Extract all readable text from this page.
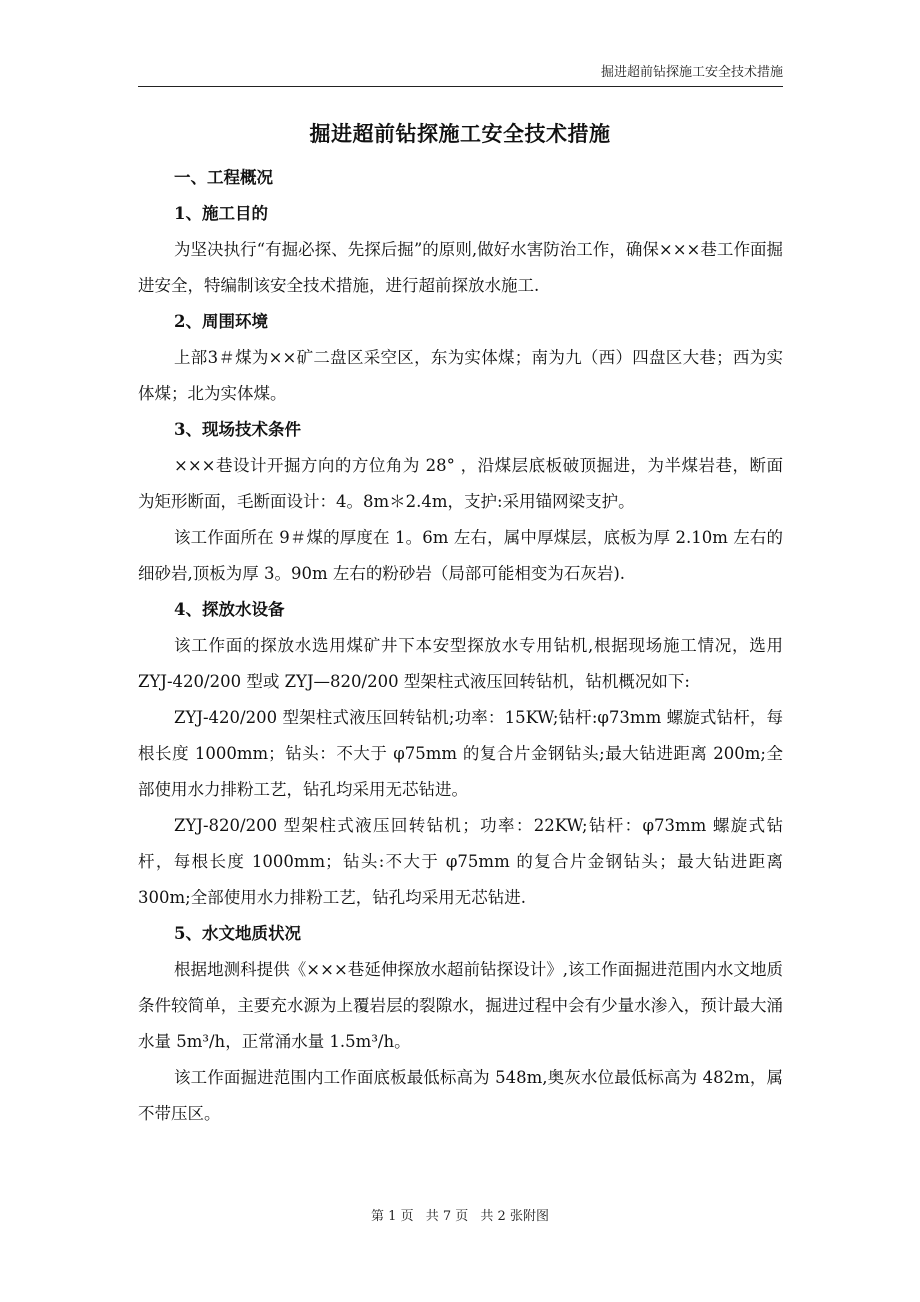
掘进超前钻探施工安全技术措施
掘进超前钻探施工安全技术措施

一、工程概况

1、施工目的

为坚决执行“有掘必探、先探后掘”的原则,做好水害防治工作，确保×××巷工作面掘进安全，特编制该安全技术措施，进行超前探放水施工.

2、周围环境

上部3＃煤为××矿二盘区采空区，东为实体煤；南为九（西）四盘区大巷；西为实体煤；北为实体煤。

3、现场技术条件

×××巷设计开掘方向的方位角为 28° ，沿煤层底板破顶掘进，为半煤岩巷，断面为矩形断面，毛断面设计：4。8m＊2.4m，支护:采用锚网梁支护。

该工作面所在 9＃煤的厚度在 1。6m 左右，属中厚煤层，底板为厚 2.10m 左右的细砂岩,顶板为厚 3。90m 左右的粉砂岩（局部可能相变为石灰岩).

4、探放水设备

该工作面的探放水选用煤矿井下本安型探放水专用钻机,根据现场施工情况，选用 ZYJ-420/200 型或 ZYJ—820/200 型架柱式液压回转钻机，钻机概况如下:

ZYJ-420/200 型架柱式液压回转钻机;功率：15KW;钻杆:φ73mm 螺旋式钻杆，每根长度 1000mm；钻头：不大于 φ75mm 的复合片金钢钻头;最大钻进距离 200m;全部使用水力排粉工艺，钻孔均采用无芯钻进。

ZYJ-820/200 型架柱式液压回转钻机；功率：22KW;钻杆：φ73mm 螺旋式钻杆，每根长度 1000mm；钻头:不大于 φ75mm 的复合片金钢钻头；最大钻进距离 300m;全部使用水力排粉工艺，钻孔均采用无芯钻进.

5、水文地质状况

根据地测科提供《×××巷延伸探放水超前钻探设计》,该工作面掘进范围内水文地质条件较简单，主要充水源为上覆岩层的裂隙水，掘进过程中会有少量水渗入，预计最大涌水量 5m³/h，正常涌水量 1.5m³/h。

该工作面掘进范围内工作面底板最低标高为 548m,奥灰水位最低标高为 482m，属不带压区。

第 1 页 共 7 页 共 2 张附图
